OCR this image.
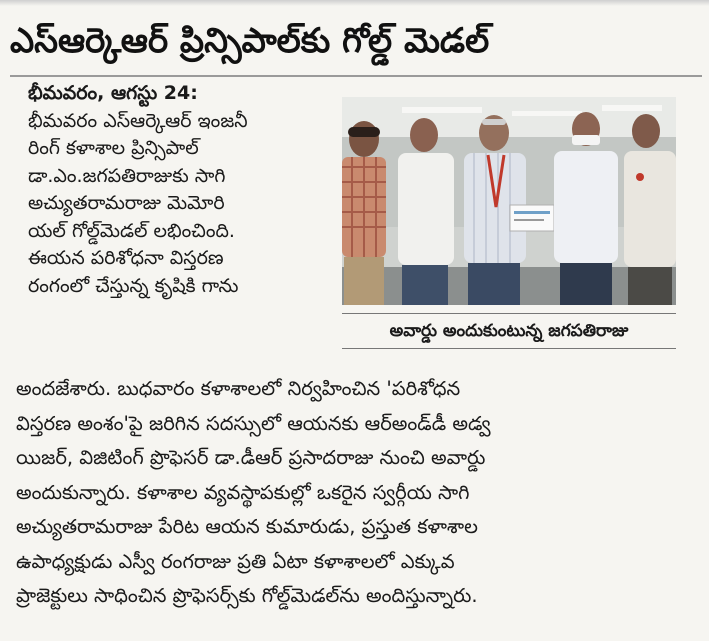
ఎస్ఆర్కెఆర్ ప్రిన్సిపాల్‌కు గోల్డ్ మెడల్
భీమవరం, ఆగస్టు 24:
భీమవరం ఎస్ఆర్కెఆర్ ఇంజనీ
రింగ్ కళాశాల ప్రిన్సిపాల్
డా.ఎం.జగపతిరాజుకు సాగి
అచ్యుతరామరాజు మెమోరి
యల్ గోల్డ్‌మెడల్ లభించింది.
ఈయన పరిశోధనా విస్తరణ
రంగంలో చేస్తున్న కృషికి గాను
అవార్డు అందుకుంటున్న జగపతిరాజు
అందజేశారు. బుధవారం కళాశాలలో నిర్వహించిన 'పరిశోధన
విస్తరణ అంశం'పై జరిగిన సదస్సులో ఆయనకు ఆర్‌అండ్‌డీ అడ్వ
యిజర్, విజిటింగ్ ప్రొఫెసర్ డా.డీఆర్ ప్రసాదరాజు నుంచి అవార్డు
అందుకున్నారు. కళాశాల వ్యవస్థాపకుల్లో ఒకరైన స్వర్గీయ సాగి
అచ్యుతరామరాజు పేరిట ఆయన కుమారుడు, ప్రస్తుత కళాశాల
ఉపాధ్యక్షుడు ఎస్వీ రంగరాజు ప్రతి ఏటా కళాశాలలో ఎక్కువ
ప్రాజెక్టులు సాధించిన ప్రొఫెసర్స్‌కు గోల్డ్‌మెడల్‌ను అందిస్తున్నారు.
